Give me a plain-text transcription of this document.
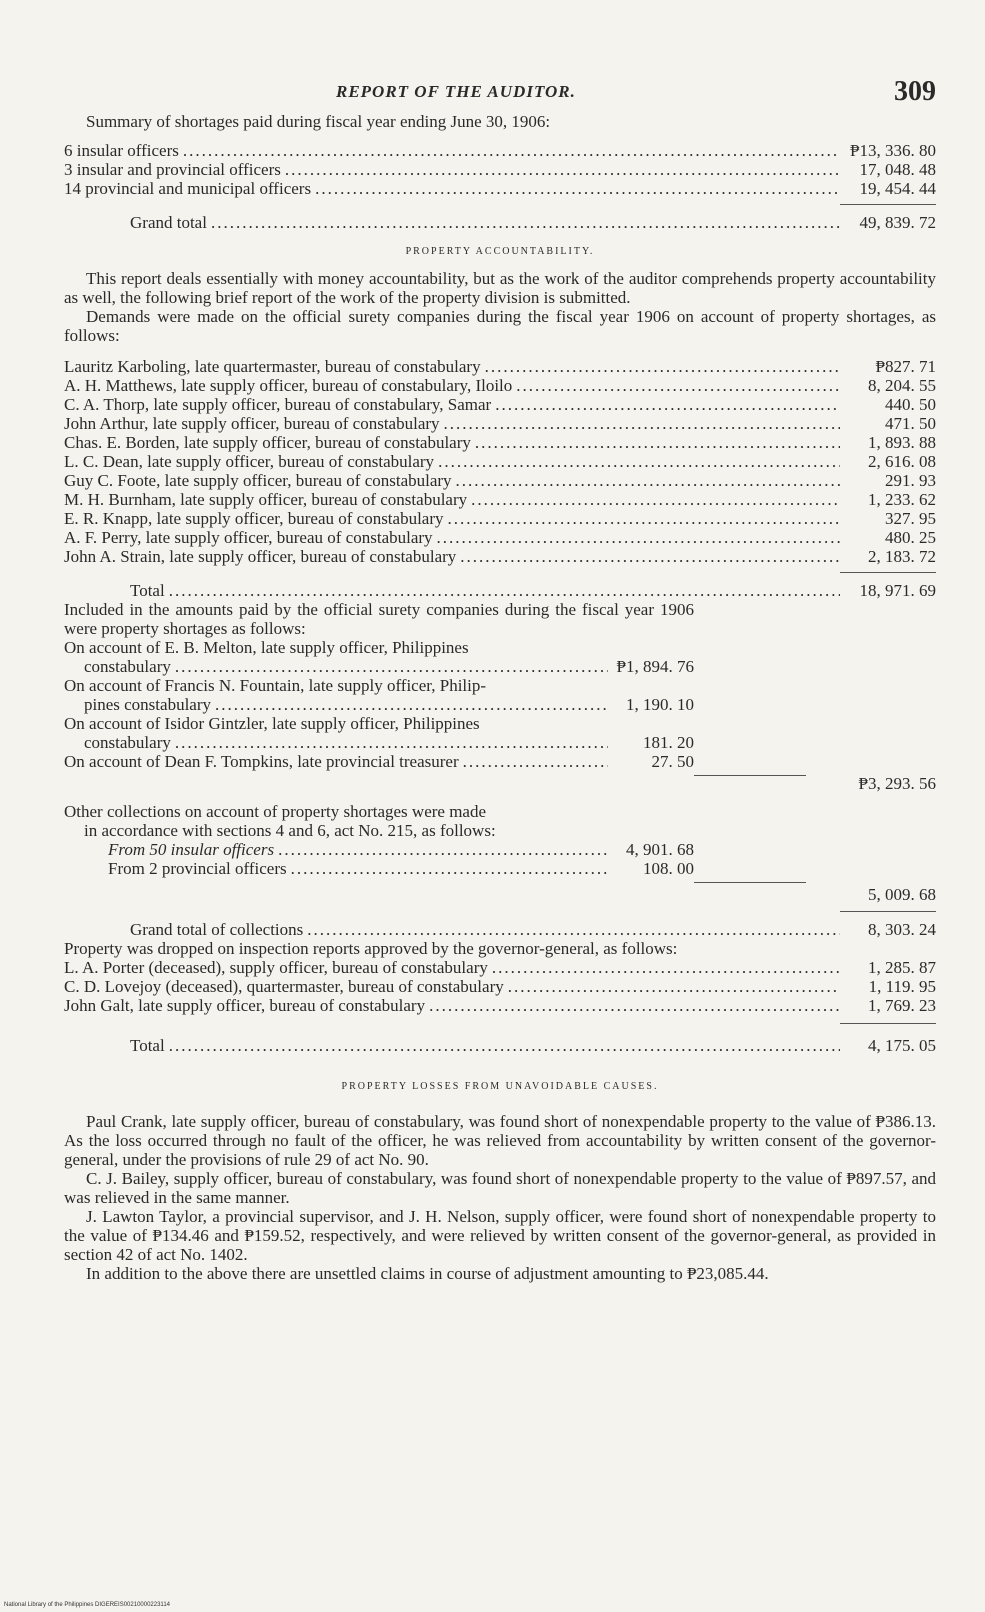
REPORT OF THE AUDITOR.	309

Summary of shortages paid during fiscal year ending June 30, 1906:

6 insular officers .....	₱13, 336. 80
3 insular and provincial officers .....	17, 048. 48
14 provincial and municipal officers .....	19, 454. 44
Grand total .....	49, 839. 72
PROPERTY ACCOUNTABILITY.

This report deals essentially with money accountability, but as the work of the auditor comprehends property accountability as well, the following brief report of the work of the property division is submitted.

Demands were made on the official surety companies during the fiscal year 1906 on account of property shortages, as follows:

Lauritz Karboling, late quartermaster, bureau of constabulary .....	₱827. 71
A. H. Matthews, late supply officer, bureau of constabulary, Iloilo .....	8, 204. 55
C. A. Thorp, late supply officer, bureau of constabulary, Samar .....	440. 50
John Arthur, late supply officer, bureau of constabulary .....	471. 50
Chas. E. Borden, late supply officer, bureau of constabulary .....	1, 893. 88
L. C. Dean, late supply officer, bureau of constabulary .....	2, 616. 08
Guy C. Foote, late supply officer, bureau of constabulary .....	291. 93
M. H. Burnham, late supply officer, bureau of constabulary .....	1, 233. 62
E. R. Knapp, late supply officer, bureau of constabulary .....	327. 95
A. F. Perry, late supply officer, bureau of constabulary .....	480. 25
John A. Strain, late supply officer, bureau of constabulary .....	2, 183. 72
Total .....	18, 971. 69

Included in the amounts paid by the official surety companies during the fiscal year 1906 were property shortages as follows:

On account of E. B. Melton, late supply officer, Philippines
constabulary .....	₱1, 894. 76
On account of Francis N. Fountain, late supply officer, Philip-
pines constabulary .....	1, 190. 10
On account of Isidor Gintzler, late supply officer, Philippines
constabulary .....	181. 20
On account of Dean F. Tompkins, late provincial treasurer .....	27. 50
₱3, 293. 56

Other collections on account of property shortages were made

in accordance with sections 4 and 6, act No. 215, as follows:

From 50 insular officers .....	4, 901. 68
From 2 provincial officers .....	108. 00
5, 009. 68
Grand total of collections .....	8, 303. 24

Property was dropped on inspection reports approved by the governor-general, as follows:

L. A. Porter (deceased), supply officer, bureau of constabulary .....	1, 285. 87
C. D. Lovejoy (deceased), quartermaster, bureau of constabulary .....	1, 119. 95
John Galt, late supply officer, bureau of constabulary .....	1, 769. 23
Total .....	4, 175. 05
PROPERTY LOSSES FROM UNAVOIDABLE CAUSES.

Paul Crank, late supply officer, bureau of constabulary, was found short of nonexpendable property to the value of ₱386.13. As the loss occurred through no fault of the officer, he was relieved from accountability by written consent of the governor-general, under the provisions of rule 29 of act No. 90.

C. J. Bailey, supply officer, bureau of constabulary, was found short of nonexpendable property to the value of ₱897.57, and was relieved in the same manner.

J. Lawton Taylor, a provincial supervisor, and J. H. Nelson, supply officer, were found short of nonexpendable property to the value of ₱134.46 and ₱159.52, respectively, and were relieved by written consent of the governor-general, as provided in section 42 of act No. 1402.

In addition to the above there are unsettled claims in course of adjustment amounting to ₱23,085.44.

National Library of the Philippines DIGEREIS00210000223114
